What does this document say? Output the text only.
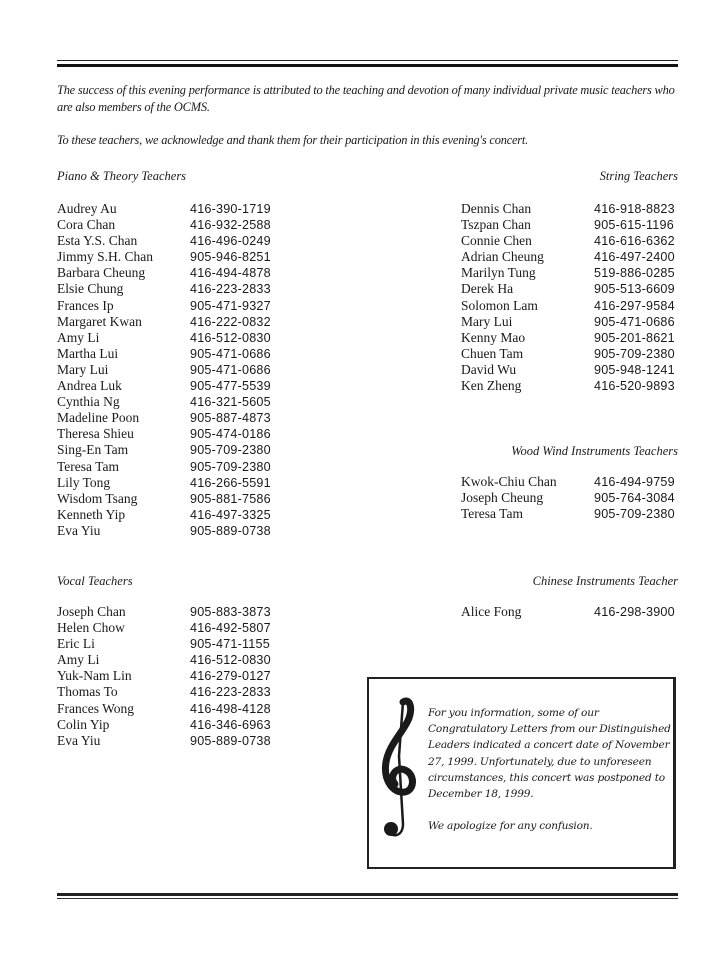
The success of this evening performance is attributed to the teaching and devotion of many individual private music teachers who are also members of the OCMS.

To these teachers, we acknowledge and thank them for their participation in this evening's concert.

Piano & Theory Teachers
Audrey Au	416-390-1719
Cora Chan	416-932-2588
Esta Y.S. Chan	416-496-0249
Jimmy S.H. Chan	905-946-8251
Barbara Cheung	416-494-4878
Elsie Chung	416-223-2833
Frances Ip	905-471-9327
Margaret Kwan	416-222-0832
Amy Li	416-512-0830
Martha Lui	905-471-0686
Mary Lui	905-471-0686
Andrea Luk	905-477-5539
Cynthia Ng	416-321-5605
Madeline Poon	905-887-4873
Theresa Shieu	905-474-0186
Sing-En Tam	905-709-2380
Teresa Tam	905-709-2380
Lily Tong	416-266-5591
Wisdom Tsang	905-881-7586
Kenneth Yip	416-497-3325
Eva Yiu	905-889-0738
Vocal Teachers
Joseph Chan	905-883-3873
Helen Chow	416-492-5807
Eric Li	905-471-1155
Amy Li	416-512-0830
Yuk-Nam Lin	416-279-0127
Thomas To	416-223-2833
Frances Wong	416-498-4128
Colin Yip	416-346-6963
Eva Yiu	905-889-0738
String Teachers
Dennis Chan	416-918-8823
Tszpan Chan	905-615-1196
Connie Chen	416-616-6362
Adrian Cheung	416-497-2400
Marilyn Tung	519-886-0285
Derek Ha	905-513-6609
Solomon Lam	416-297-9584
Mary Lui	905-471-0686
Kenny Mao	905-201-8621
Chuen Tam	905-709-2380
David Wu	905-948-1241
Ken Zheng	416-520-9893
Wood Wind Instruments Teachers
Kwok-Chiu Chan	416-494-9759
Joseph Cheung	905-764-3084
Teresa Tam	905-709-2380
Chinese Instruments Teacher
Alice Fong	416-298-3900

For you information, some of our Congratulatory Letters from our Distinguished Leaders indicated a concert date of November 27, 1999. Unfortunately, due to unforeseen circumstances, this concert was postponed to December 18, 1999.

We apologize for any confusion.
